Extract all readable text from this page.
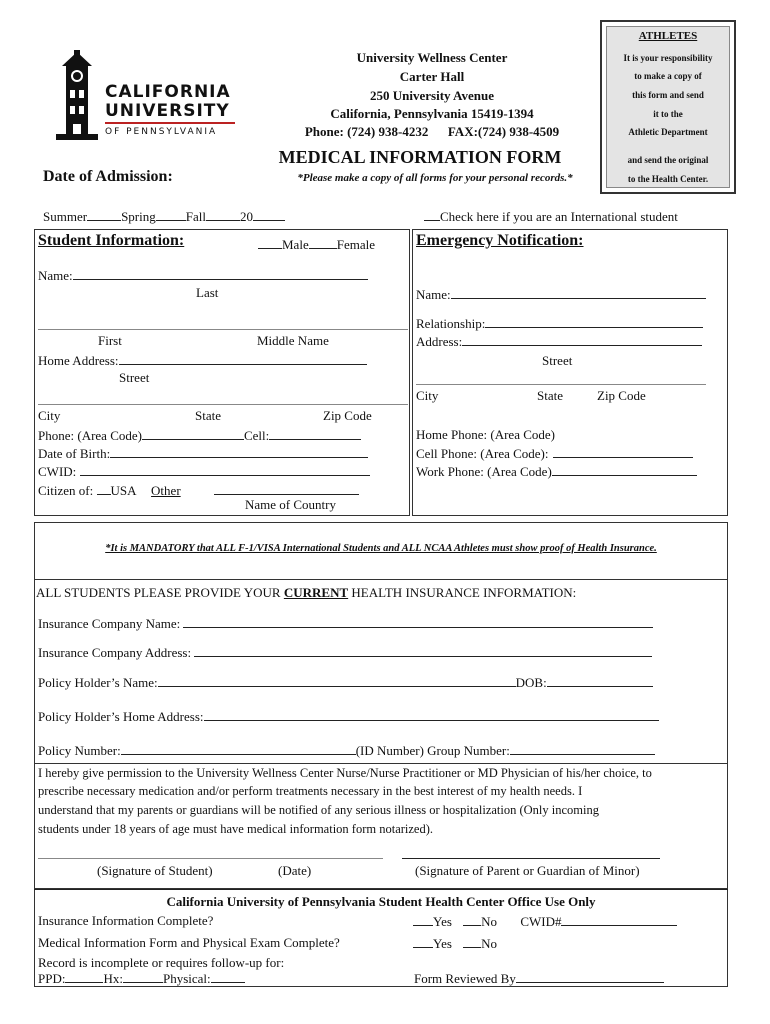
CALIFORNIA
UNIVERSITY
OF PENNSYLVANIA
University Wellness Center
Carter Hall
250 University Avenue
California, Pennsylvania 15419-1394
Phone: (724) 938-4232      FAX:(724) 938-4509
MEDICAL INFORMATION FORM
*Please make a copy of all forms for your personal records.*
ATHLETES
It is your responsibility
to make a copy of
this form and send
it to the
Athletic Department
and send the original
to the Health Center.
Date of Admission:
Summer	Spring Fall	20	Check here if you are an International student
Student Information:	Male Female
Name:
Last
First	Middle Name
Home Address:
Street
City	State	Zip Code
Phone: (Area Code)	Cell:
Date of Birth:
CWID:
Citizen of: USA Other
Name of Country
Emergency Notification:
Name:
Relationship:
Address:
Street
City	State	Zip Code
Home Phone: (Area Code)
Cell Phone: (Area Code):
Work Phone: (Area Code)
*It is MANDATORY that ALL F-1/VISA International Students and ALL NCAA Athletes must show proof of Health Insurance.
ALL STUDENTS PLEASE PROVIDE YOUR CURRENT HEALTH INSURANCE INFORMATION:
Insurance Company Name:
Insurance Company Address:
Policy Holder’s Name:	DOB:
Policy Holder’s Home Address:
Policy Number:	(ID Number) Group Number:
I hereby give permission to the University Wellness Center Nurse/Nurse Practitioner or MD Physician of his/her choice, to
prescribe necessary medication and/or perform treatments necessary in the best interest of my health needs. I
understand that my parents or guardians will be notified of any serious illness or hospitalization (Only incoming
students under 18 years of age must have medical information form notarized).
(Signature of Student)	(Date)	(Signature of Parent or Guardian of Minor)
California University of Pennsylvania Student Health Center Office Use Only
Insurance Information Complete?	Yes No CWID#
Medical Information Form and Physical Exam Complete?	Yes No
Record is incomplete or requires follow-up for:
PPD:	Hx:	Physical:	Form Reviewed By
